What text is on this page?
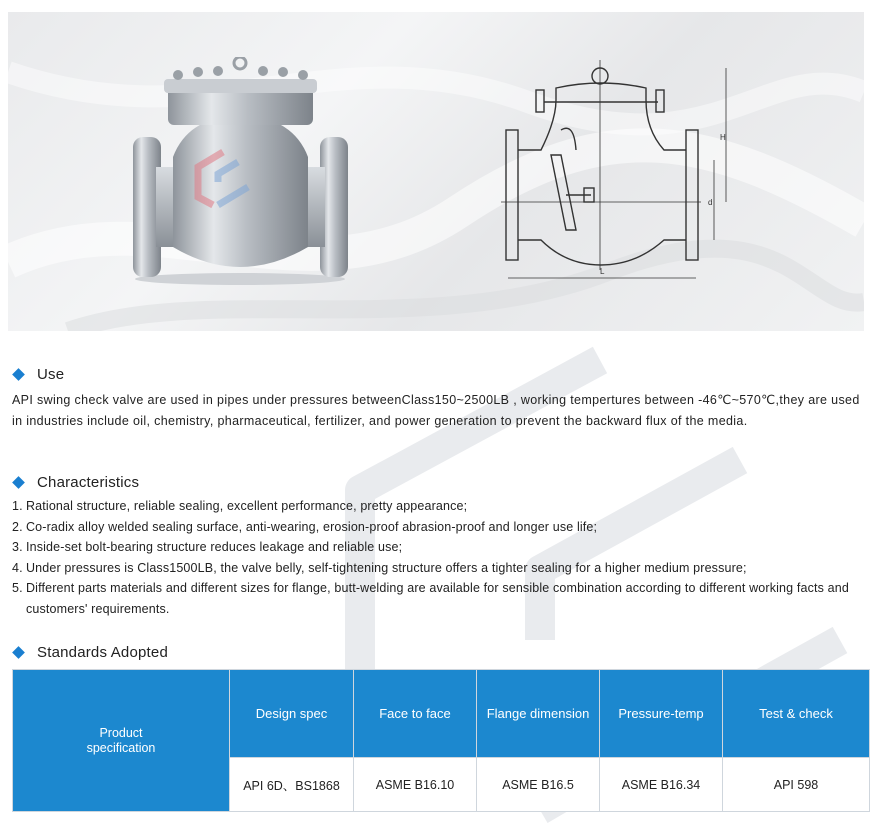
H
d
L
Use

API swing check valve are used in pipes under pressures betweenClass150~2500LB , working tempertures between -46℃~570℃,they are used in industries include oil, chemistry, pharmaceutical, fertilizer, and power generation to prevent the backward flux of the media.

Characteristics
1. Rational structure, reliable sealing, excellent performance, pretty appearance;
2. Co-radix alloy welded sealing surface, anti-wearing, erosion-proof abrasion-proof and longer use life;
3. Inside-set bolt-bearing structure reduces leakage and reliable use;
4. Under pressures is Class1500LB, the valve belly, self-tightening structure offers a tighter sealing for a higher medium pressure;
5. Different parts materials and different sizes for flange, butt-welding are available for sensible combination according to different working facts and customers' requirements.
Standards Adopted
Product
specification	Design spec	Face to face	Flange dimension	Pressure-temp	Test & check
	API 6D、BS1868	ASME B16.10	ASME B16.5	ASME B16.34	API 598
